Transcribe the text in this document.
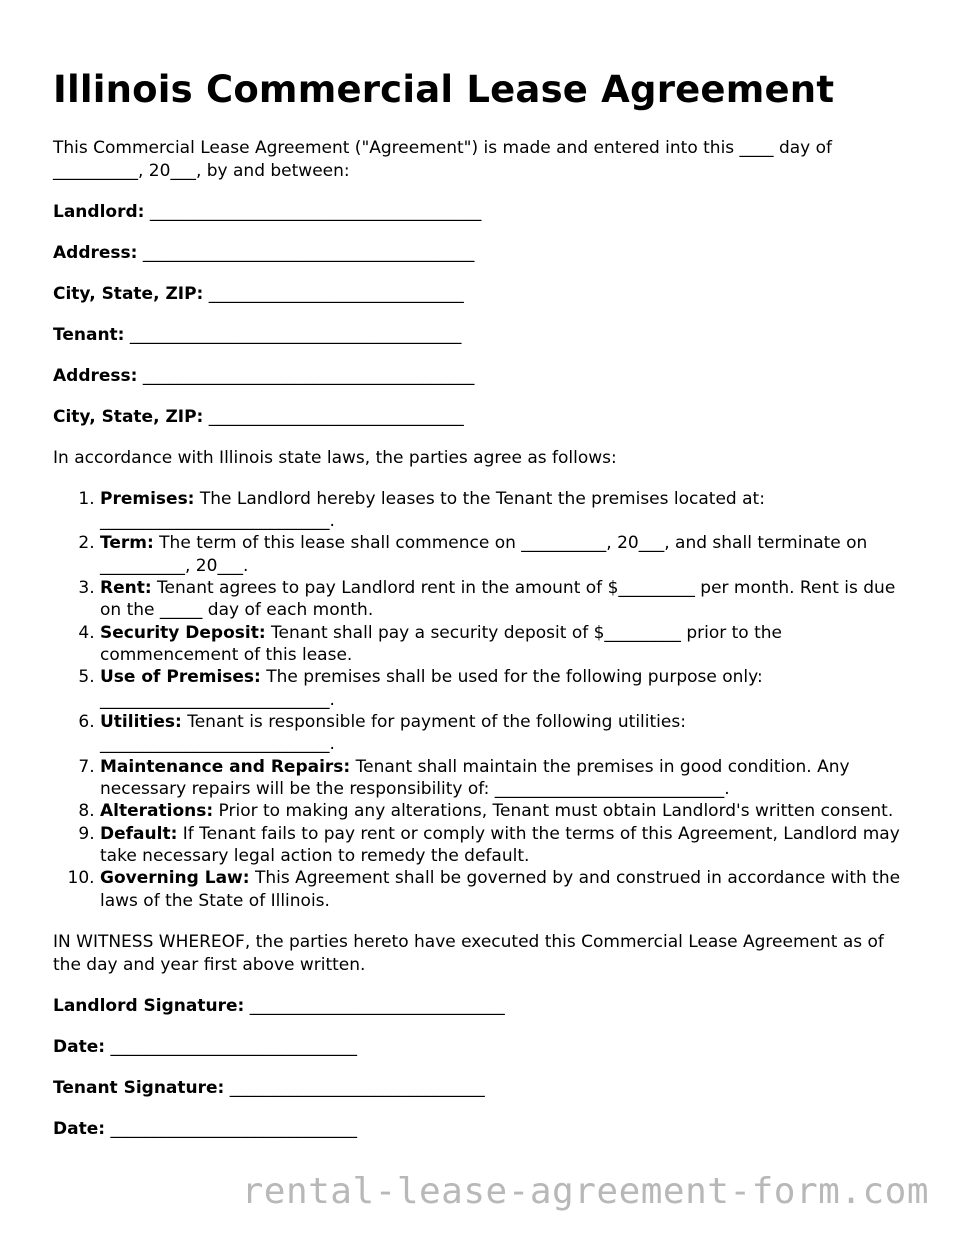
Illinois Commercial Lease Agreement

This Commercial Lease Agreement ("Agreement") is made and entered into this ____ day of __________, 20___, by and between:

Landlord: _______________________________________

Address: _______________________________________

City, State, ZIP: ______________________________

Tenant: _______________________________________

Address: _______________________________________

City, State, ZIP: ______________________________

In accordance with Illinois state laws, the parties agree as follows:

1. Premises: The Landlord hereby leases to the Tenant the premises located at: ___________________________.
2. Term: The term of this lease shall commence on __________, 20___, and shall terminate on __________, 20___.
3. Rent: Tenant agrees to pay Landlord rent in the amount of $_________ per month. Rent is due on the _____ day of each month.
4. Security Deposit: Tenant shall pay a security deposit of $_________ prior to the commencement of this lease.
5. Use of Premises: The premises shall be used for the following purpose only: ___________________________.
6. Utilities: Tenant is responsible for payment of the following utilities: ___________________________.
7. Maintenance and Repairs: Tenant shall maintain the premises in good condition. Any necessary repairs will be the responsibility of: ___________________________.
8. Alterations: Prior to making any alterations, Tenant must obtain Landlord's written consent.
9. Default: If Tenant fails to pay rent or comply with the terms of this Agreement, Landlord may take necessary legal action to remedy the default.
10. Governing Law: This Agreement shall be governed by and construed in accordance with the laws of the State of Illinois.

IN WITNESS WHEREOF, the parties hereto have executed this Commercial Lease Agreement as of the day and year first above written.

Landlord Signature: ______________________________

Date: _____________________________

Tenant Signature: ______________________________

Date: _____________________________

rental-lease-agreement-form.com
